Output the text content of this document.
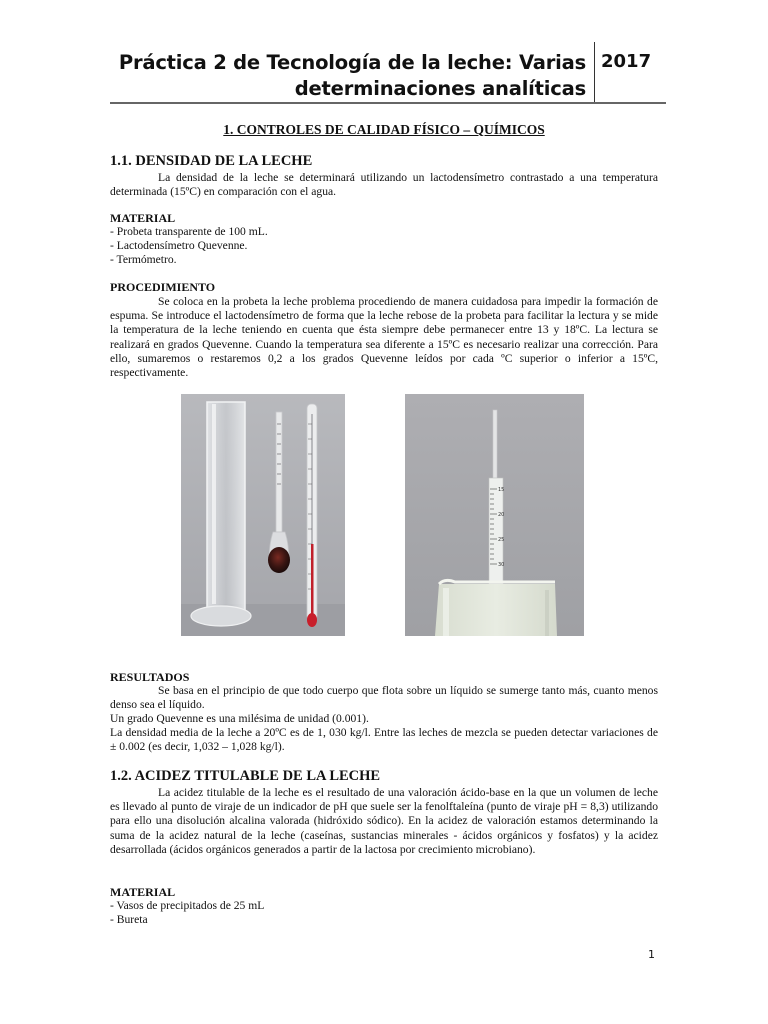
Práctica 2 de Tecnología de la leche: Varias
determinaciones analíticas
2017
1. CONTROLES DE CALIDAD FÍSICO – QUÍMICOS
1.1. DENSIDAD DE LA LECHE
La densidad de la leche se determinará utilizando un lactodensímetro contrastado a una temperatura determinada (15ºC) en comparación con el agua.
MATERIAL
- Probeta transparente de 100 mL.
- Lactodensímetro Quevenne.
- Termómetro.
PROCEDIMIENTO
Se coloca en la probeta la leche problema procediendo de manera cuidadosa para impedir la formación de espuma. Se introduce el lactodensímetro de forma que la leche rebose de la probeta para facilitar la lectura y se mide la temperatura de la leche teniendo en cuenta que ésta siempre debe permanecer entre 13 y 18ºC. La lectura se realizará en grados Quevenne. Cuando la temperatura sea diferente a 15ºC es necesario realizar una corrección. Para ello, sumaremos o restaremos 0,2 a los grados Quevenne leídos por cada ºC superior o inferior a 15ºC, respectivamente.
15
20
25
30
RESULTADOS
Se basa en el principio de que todo cuerpo que flota sobre un líquido se sumerge tanto más, cuanto menos denso sea el líquido.
Un grado Quevenne es una milésima de unidad (0.001).
La densidad media de la leche a 20ºC es de 1, 030 kg/l. Entre las leches de mezcla se pueden detectar variaciones de ± 0.002 (es decir, 1,032 – 1,028 kg/l).
1.2. ACIDEZ TITULABLE DE LA LECHE
La acidez titulable de la leche es el resultado de una valoración ácido-base en la que un volumen de leche es llevado al punto de viraje de un indicador de pH que suele ser la fenolftaleína (punto de viraje pH = 8,3) utilizando para ello una disolución alcalina valorada (hidróxido sódico). En la acidez de valoración estamos determinando la suma de la acidez natural de la leche (caseínas, sustancias minerales - ácidos orgánicos y fosfatos) y la acidez desarrollada (ácidos orgánicos generados a partir de la lactosa por crecimiento microbiano).
MATERIAL
- Vasos de precipitados de 25 mL
- Bureta
1
